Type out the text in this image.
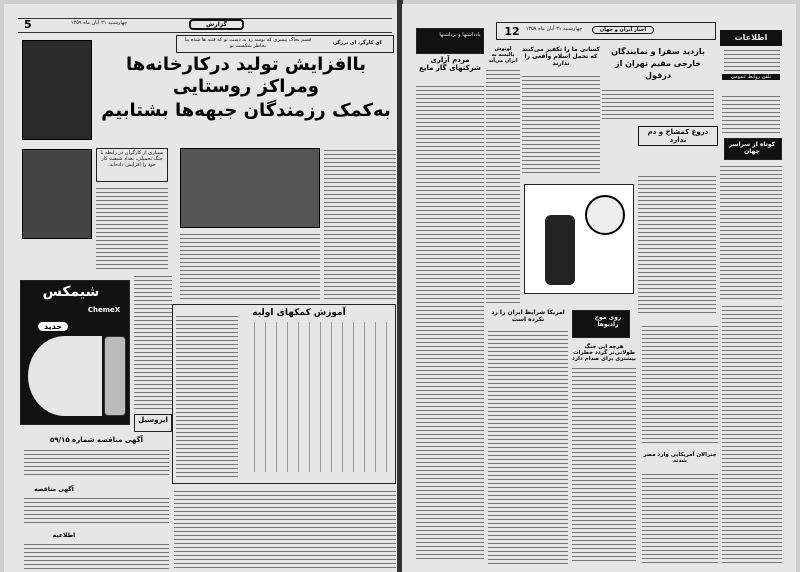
5	چهارشنبه ۲۱ آبان ماه ۱۳۵۹	گزارش
قسم بخاک پیمبری که بوسه زد به دست تو که فتنه ها شده بپا بخاطر شکست تو	ای کارگر، ای برزگر،
باافزایش تولید درکارخانه‌ها ومراکز روستایی
به‌کمک رزمندگان جبهه‌ها بشتابیم
بسیاری از کارگران در رابطه با جنگ تحمیلی، تعداد شیفت کار خود را افزایش داده‌اند.
شیمکس
ChemeX
جدید
ایزوسیل
آموزش کمکهای اولیه
آگهی مناقصه شماره ۵۹/۱۵
آگهی مناقصه
اطلاعیه
12	چهارشنبه ۲۱ آبان ماه ۱۳۵۹	اخبار ایران و جهان
اطلاعات
تلفن روابط عمومی
بازدید سفرا و نمایندگان خارجی مقیم تهران از دزفول
دروغ کمشاخ و دم ندارد
کسانی ما را تکفیر می‌کنند که تحمل اسلام واقعی را ندارند
لوتوش پالیسه به ایران می‌آید
یادداشتها و برداشتها
مردم آزاری شرکتهای گاز مایع
کوتاه از سراسر جهان
امریکا شرایط ایران را رد نکرده است	روی موج رادیوها
هرچه این جنگ طولانی‌تر گردد خطرات بیشتری برای صدام دارد
جنرالان آمریکایی وارد مصر شدند
